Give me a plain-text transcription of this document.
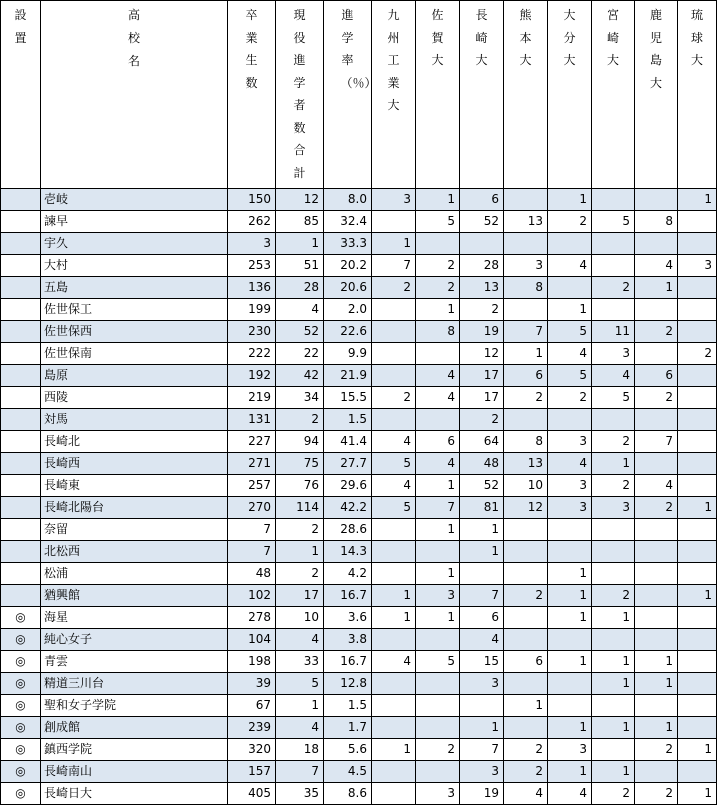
設置	高校名	卒業生数	現役進学者数合計	進学率（％）	九州工業大	佐賀大	長崎大	熊本大	大分大	宮崎大	鹿児島大	琉球大
	壱岐	150	12	8.0	3	1	6		1			1
	諫早	262	85	32.4		5	52	13	2	5	8	
	宇久	3	1	33.3	1							
	大村	253	51	20.2	7	2	28	3	4		4	3
	五島	136	28	20.6	2	2	13	8		2	1	
	佐世保工	199	4	2.0		1	2		1			
	佐世保西	230	52	22.6		8	19	7	5	11	2	
	佐世保南	222	22	9.9			12	1	4	3		2
	島原	192	42	21.9		4	17	6	5	4	6	
	西陵	219	34	15.5	2	4	17	2	2	5	2	
	対馬	131	2	1.5			2					
	長崎北	227	94	41.4	4	6	64	8	3	2	7	
	長崎西	271	75	27.7	5	4	48	13	4	1		
	長崎東	257	76	29.6	4	1	52	10	3	2	4	
	長崎北陽台	270	114	42.2	5	7	81	12	3	3	2	1
	奈留	7	2	28.6		1	1					
	北松西	7	1	14.3			1					
	松浦	48	2	4.2		1			1			
	猶興館	102	17	16.7	1	3	7	2	1	2		1
◎	海星	278	10	3.6	1	1	6		1	1		
◎	純心女子	104	4	3.8			4					
◎	青雲	198	33	16.7	4	5	15	6	1	1	1	
◎	精道三川台	39	5	12.8			3			1	1	
◎	聖和女子学院	67	1	1.5				1				
◎	創成館	239	4	1.7			1		1	1	1	
◎	鎮西学院	320	18	5.6	1	2	7	2	3		2	1
◎	長崎南山	157	7	4.5			3	2	1	1		
◎	長崎日大	405	35	8.6		3	19	4	4	2	2	1
